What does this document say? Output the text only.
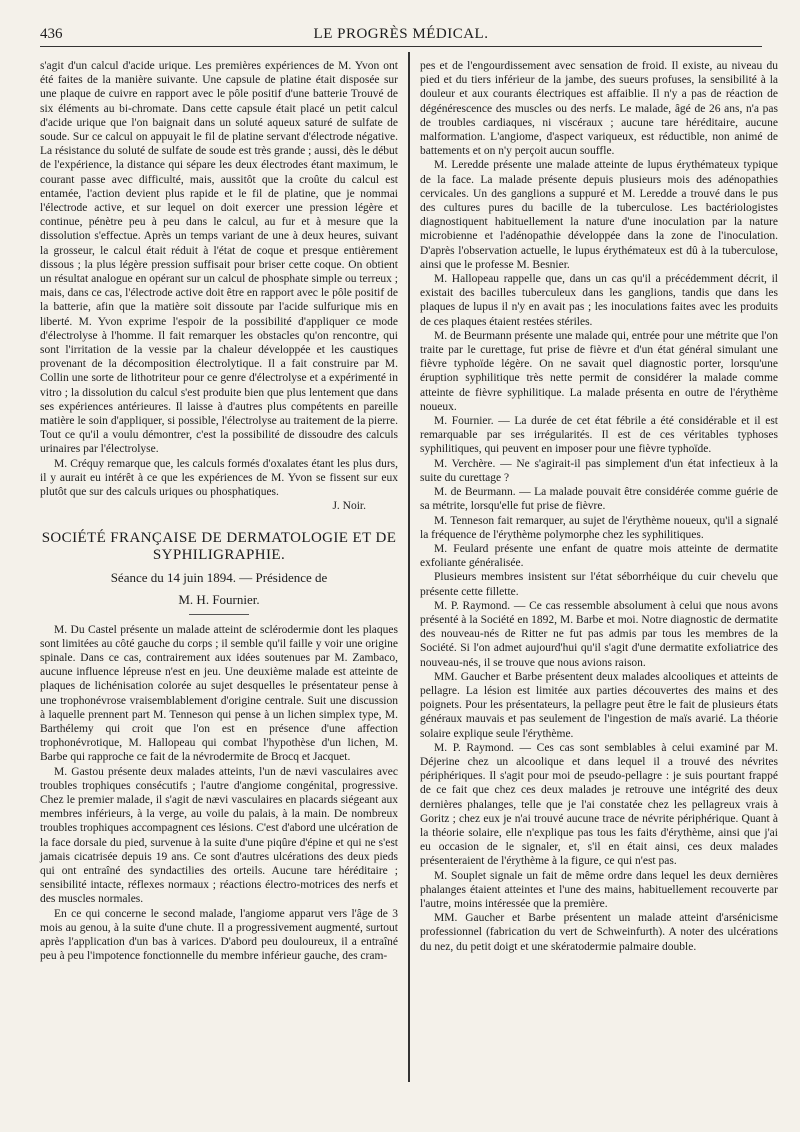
436	LE PROGRÈS MÉDICAL.

s'agit d'un calcul d'acide urique. Les premières expériences de M. Yvon ont été faites de la manière suivante. Une capsule de platine était disposée sur une plaque de cuivre en rapport avec le pôle positif d'une batterie Trouvé de six éléments au bi-chromate. Dans cette capsule était placé un petit calcul d'acide urique que l'on baignait dans un soluté aqueux saturé de sulfate de soude. Sur ce calcul on appuyait le fil de platine servant d'électrode négative. La résistance du soluté de sulfate de soude est très grande ; aussi, dès le début de l'expérience, la distance qui sépare les deux électrodes étant maximum, le courant passe avec difficulté, mais, aussitôt que la croûte du calcul est entamée, l'action devient plus rapide et le fil de platine, que je nommai l'électrode active, et sur lequel on doit exercer une pression légère et continue, pénètre peu à peu dans le calcul, au fur et à mesure que la dissolution s'effectue. Après un temps variant de une à deux heures, suivant la grosseur, le calcul était réduit à l'état de coque et presque entièrement dissous ; la plus légère pression suffisait pour briser cette coque. On obtient un résultat analogue en opérant sur un calcul de phosphate simple ou terreux ; mais, dans ce cas, l'électrode active doit être en rapport avec le pôle positif de la batterie, afin que la matière soit dissoute par l'acide sulfurique mis en liberté. M. Yvon exprime l'espoir de la possibilité d'appliquer ce mode d'électrolyse à l'homme. Il fait remarquer les obstacles qu'on rencontre, qui sont l'irritation de la vessie par la chaleur développée et les caustiques provenant de la décomposition électrolytique. Il a fait construire par M. Collin une sorte de lithotriteur pour ce genre d'électrolyse et a expérimenté in vitro ; la dissolution du calcul s'est produite bien que plus lentement que dans ses expériences antérieures. Il laisse à d'autres plus compétents en pareille matière le soin d'appliquer, si possible, l'électrolyse au traitement de la pierre. Tout ce qu'il a voulu démontrer, c'est la possibilité de dissoudre des calculs urinaires par l'électrolyse.

M. Créquy remarque que, les calculs formés d'oxalates étant les plus durs, il y aurait eu intérêt à ce que les expériences de M. Yvon se fissent sur eux plutôt que sur des calculs uriques ou phosphatiques.

J. Noir.

SOCIÉTÉ FRANÇAISE DE DERMATOLOGIE ET DE SYPHILIGRAPHIE.
Séance du 14 juin 1894. — Présidence de
M. H. Fournier.

M. Du Castel présente un malade atteint de sclérodermie dont les plaques sont limitées au côté gauche du corps ; il semble qu'il faille y voir une origine spinale. Dans ce cas, contrairement aux idées soutenues par M. Zambaco, aucune influence lépreuse n'est en jeu. Une deuxième malade est atteinte de plaques de lichénisation colorée au sujet desquelles le présentateur pense à une trophonévrose vraisemblablement d'origine centrale. Suit une discussion à laquelle prennent part M. Tenneson qui pense à un lichen simplex type, M. Barthélemy qui croit que l'on est en présence d'une affection trophonévrotique, M. Hallopeau qui combat l'hypothèse d'un lichen, M. Barbe qui rapproche ce fait de la névrodermite de Brocq et Jacquet.

M. Gastou présente deux malades atteints, l'un de nævi vasculaires avec troubles trophiques consécutifs ; l'autre d'angiome congénital, progressive. Chez le premier malade, il s'agit de nævi vasculaires en placards siégeant aux membres inférieurs, à la verge, au voile du palais, à la main. De nombreux troubles trophiques accompagnent ces lésions. C'est d'abord une ulcération de la face dorsale du pied, survenue à la suite d'une piqûre d'épine et qui ne s'est jamais cicatrisée depuis 19 ans. Ce sont d'autres ulcérations des deux pieds qui ont entraîné des syndactilies des orteils. Aucune tare héréditaire ; sensibilité intacte, réflexes normaux ; réactions électro-motrices des nerfs et des muscles normales.

En ce qui concerne le second malade, l'angiome apparut vers l'âge de 3 mois au genou, à la suite d'une chute. Il a progressivement augmenté, surtout après l'application d'un bas à varices. D'abord peu douloureux, il a entraîné peu à peu l'impotence fonctionnelle du membre inférieur gauche, des cram-

pes et de l'engourdissement avec sensation de froid. Il existe, au niveau du pied et du tiers inférieur de la jambe, des sueurs profuses, la sensibilité à la douleur et aux courants électriques est affaiblie. Il n'y a pas de réaction de dégénérescence des muscles ou des nerfs. Le malade, âgé de 26 ans, n'a pas de troubles cardiaques, ni viscéraux ; aucune tare héréditaire, aucune malformation. L'angiome, d'aspect variqueux, est réductible, non animé de battements et on n'y perçoit aucun souffle.

M. Leredde présente une malade atteinte de lupus érythémateux typique de la face. La malade présente depuis plusieurs mois des adénopathies cervicales. Un des ganglions a suppuré et M. Leredde a trouvé dans le pus des cultures pures du bacille de la tuberculose. Les bactériologistes diagnostiquent habituellement la nature d'une inoculation par la nature microbienne et l'adénopathie développée dans la zone de l'inoculation. D'après l'observation actuelle, le lupus érythémateux est dû à la tuberculose, ainsi que le professe M. Besnier.

M. Hallopeau rappelle que, dans un cas qu'il a précédemment décrit, il existait des bacilles tuberculeux dans les ganglions, tandis que dans les plaques de lupus il n'y en avait pas ; les inoculations faites avec les produits de ces plaques étaient restées stériles.

M. de Beurmann présente une malade qui, entrée pour une métrite que l'on traite par le curettage, fut prise de fièvre et d'un état général simulant une fièvre typhoïde légère. On ne savait quel diagnostic porter, lorsqu'une éruption syphilitique très nette permit de considérer la malade comme atteinte de fièvre syphilitique. La malade présenta en outre de l'érythème noueux.

M. Fournier. — La durée de cet état fébrile a été considérable et il est remarquable par ses irrégularités. Il est de ces véritables typhoses syphilitiques, qui peuvent en imposer pour une fièvre typhoïde.

M. Verchère. — Ne s'agirait-il pas simplement d'un état infectieux à la suite du curettage ?

M. de Beurmann. — La malade pouvait être considérée comme guérie de sa métrite, lorsqu'elle fut prise de fièvre.

M. Tenneson fait remarquer, au sujet de l'érythème noueux, qu'il a signalé la fréquence de l'érythème polymorphe chez les syphilitiques.

M. Feulard présente une enfant de quatre mois atteinte de dermatite exfoliante généralisée.

Plusieurs membres insistent sur l'état séborrhéique du cuir chevelu que présente cette fillette.

M. P. Raymond. — Ce cas ressemble absolument à celui que nous avons présenté à la Société en 1892, M. Barbe et moi. Notre diagnostic de dermatite des nouveau-nés de Ritter ne fut pas admis par tous les membres de la Société. Si l'on admet aujourd'hui qu'il s'agit d'une dermatite exfoliatrice des nouveau-nés, il se trouve que nous avions raison.

MM. Gaucher et Barbe présentent deux malades alcooliques et atteints de pellagre. La lésion est limitée aux parties découvertes des mains et des poignets. Pour les présentateurs, la pellagre peut être le fait de plusieurs états généraux mauvais et pas seulement de l'ingestion de maïs avarié. La théorie solaire explique seule l'érythème.

M. P. Raymond. — Ces cas sont semblables à celui examiné par M. Déjerine chez un alcoolique et dans lequel il a trouvé des névrites périphériques. Il s'agit pour moi de pseudo-pellagre : je suis pourtant frappé de ce fait que chez ces deux malades je retrouve une intégrité des deux dernières phalanges, telle que je l'ai constatée chez les pellagreux vrais à Goritz ; chez eux je n'ai trouvé aucune trace de névrite périphérique. Quant à la théorie solaire, elle n'explique pas tous les faits d'érythème, ainsi que j'ai eu occasion de le signaler, et, s'il en était ainsi, ces deux malades présenteraient de l'érythème à la figure, ce qui n'est pas.

M. Souplet signale un fait de même ordre dans lequel les deux dernières phalanges étaient atteintes et l'une des mains, habituellement recouverte par l'autre, moins intéressée que la première.

MM. Gaucher et Barbe présentent un malade atteint d'arsénicisme professionnel (fabrication du vert de Schweinfurth). A noter des ulcérations du nez, du petit doigt et une skératodermie palmaire double.
